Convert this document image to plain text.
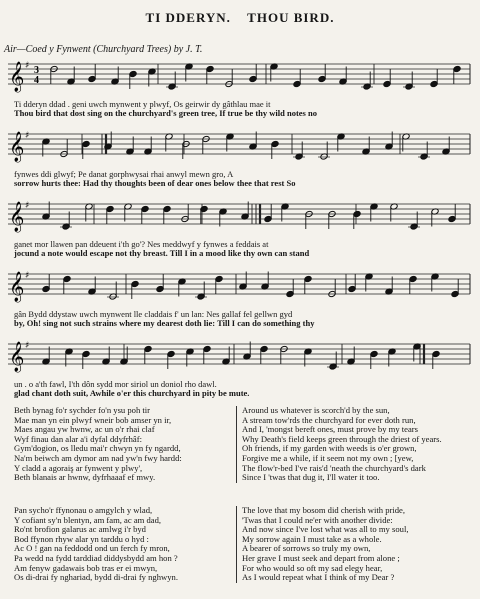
TI DDERYN. THOU BIRD.
Air—Coed y Fynwent (Churchyard Trees) by J. T.
𝄞 ♯ 3
4
Ti dderyn ddad . geni uwch mynwent y plwyf, Os geirwir dy gâthlau mae it
Thou bird that dost sing on the churchyard's green tree, If true be thy wild notes no
𝄞 ♯
fynwes ddi glwyf; Pe danat gorphwysai rhai anwyl mewn gro, A
sorrow hurts thee: Had thy thoughts been of dear ones below thee that rest So
𝄞 ♯
ganet mor llawen pan ddeuent i'th go'? Nes meddwyf y fynwes a feddais at
jocund a note would escape not thy breast. Till I in a mood like thy own can stand
𝄞 ♯
gân Bydd ddystaw uwch mynwent lle claddais f' un lan: Nes gallaf fel gellwn gyd
by, Oh! sing not such strains where my dearest doth lie: Till I can do something thy
𝄞 ♯
un . o a'th fawl, I'th dôn sydd mor siriol un doniol rho dawl.
glad chant doth suit, Awhile o'er this churchyard in pity be mute.
Beth bynag fo'r sychder fo'n ysu poh tir
Mae man yn ein plwyf wneir bob amser yn ir,
Maes angau yw hwnw, ac un o'r rhai claf
Wyf finau dan alar a'i dyfal ddyfrhâf:
Gym'dogion, os lledu mai'r chwyn yn fy ngardd,
Na'm beiwch am dymor am nad yw'n fwy hardd:
Y cladd a agoraiş ar fynwent y plwy',
Beth blanais ar hwnw, dyfrhaaaf ef mwy.
Around us whatever is scorch'd by the sun,
A stream tow'rds the churchyard for ever doth run,
And I, 'mongst bereft ones, must prove by my tears
Why Death's field keeps green through the driest of years.
Oh friends, if my garden with weeds is o'er grown,
Forgive me a while, if it seem not my own ; [yew,
The flow'r-bed I've rais'd 'neath the churchyard's dark
Since I 'twas that dug it, I'll water it too.
Pan sycho'r ffynonau o amgylch y wlad,
Y cofiant sy'n blentyn, am fam, ac am dad,
Ro'nt brofion galarus ac amlwg i'r byd
Bod ffynon rhyw alar yn tarddu o hyd :
Ac O ! gan na feddodd ond un ferch fy mron,
Pa wedd na fydd tarddiad diddysbydd am hon ?
Am fenyw gadawais bob tras er ei mwyn,
Os di-drai fy nghariad, bydd di-drai fy nghwyn.
The love that my bosom did cherish with pride,
'Twas that I could ne'er with another divide:
And now since I've lost what was all to my soul,
My sorrow again I must take as a whole.
A bearer of sorrows so truly my own,
Her grave I must seek and depart from alone ;
For who would so oft my sad elegy hear,
As I would repeat what I think of my Dear ?
